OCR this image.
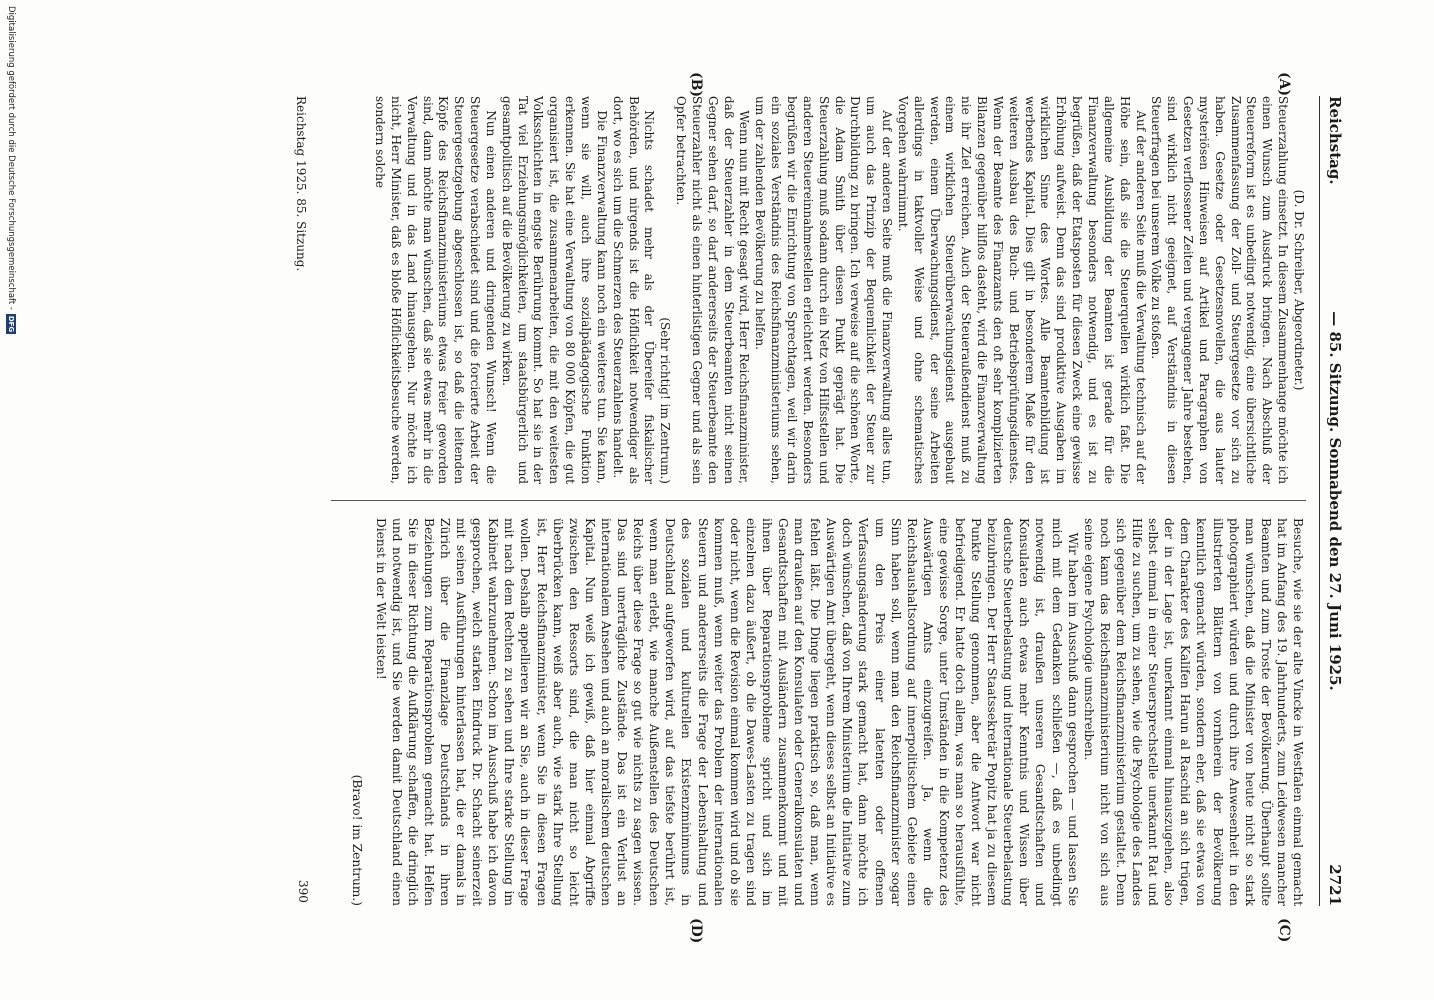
Reichstag.
— 85. Sitzung. Sonnabend den 27. Juni 1925.
2721
(A)
(B)
(C)
(D)

(D. Dr. Schreiber, Abgeordneter.)

Steuerzahlung einsetzt. In diesem Zusammenhange möchte ich einen Wunsch zum Ausdruck bringen. Nach Abschluß der Steuerreform ist es unbedingt notwendig, eine übersichtliche Zusammenfassung der Zoll- und Steuergesetze vor sich zu haben. Gesetze oder Gesetzesnovellen, die aus lauter mysteriösen Hinweisen auf Artikel und Paragraphen von Gesetzen verflossener Zeiten und vergangener Jahre bestehen, sind wirklich nicht geeignet, auf Verständnis in diesen Steuerfragen bei unserem Volke zu stoßen.

Auf der anderen Seite muß die Verwaltung technisch auf der Höhe sein, daß sie die Steuerquellen wirklich faßt. Die allgemeine Ausbildung der Beamten ist gerade für die Finanzverwaltung besonders notwendig, und es ist zu begrüßen, daß der Etatsposten für diesen Zweck eine gewisse Erhöhung aufweist. Denn das sind produktive Ausgaben im wirklichen Sinne des Wortes. Alle Beamtenbildung ist werbendes Kapital. Dies gilt in besonderem Maße für den weiteren Ausbau des Buch- und Betriebsprüfungsdienstes. Wenn der Beamte des Finanzamts den oft sehr komplizierten Bilanzen gegenüber hilflos dasteht, wird die Finanzverwaltung nie ihr Ziel erreichen. Auch der Steueraußendienst muß zu einem wirklichen Steuerüberwachungsdienst ausgebaut werden, einem Überwachungsdienst, der seine Arbeiten allerdings in taktvoller Weise und ohne schematisches Vorgehen wahrnimmt.

Auf der anderen Seite muß die Finanzverwaltung alles tun, um auch das Prinzip der Bequemlichkeit der Steuer zur Durchbildung zu bringen. Ich verweise auf die schönen Worte, die Adam Smith über diesen Punkt geprägt hat. Die Steuerzahlung muß sodann durch ein Netz von Hilfsstellen und anderen Steuereinnahmestellen erleichtert werden. Besonders begrüßen wir die Einrichtung von Sprechtagen, weil wir darin ein soziales Verständnis des Reichsfinanzministeriums sehen, um der zahlenden Bevölkerung zu helfen.

Wenn nun mit Recht gesagt wird, Herr Reichsfinanzminister, daß der Steuerzahler in dem Steuerbeamten nicht seinen Gegner sehen darf, so darf andererseits der Steuerbeamte den Steuerzahler nicht als einen hinterlistigen Gegner und als sein Opfer betrachten.

(Sehr richtig! im Zentrum.)

Nichts schadet mehr als der Übereifer fiskalischer Behörden, und nirgends ist die Höflichkeit notwendiger als dort, wo es sich um die Schmerzen des Steuerzahlens handelt.

Die Finanzverwaltung kann noch ein weiteres tun. Sie kann, wenn sie will, auch ihre sozialpädagogische Funktion erkennen. Sie hat eine Verwaltung von 80 000 Köpfen, die gut organisiert ist, die zusammenarbeiten, die mit den weitesten Volksschichten in engste Berührung kommt. So hat sie in der Tat viel Erziehungsmöglichkeiten, um staatsbürgerlich und gesamtpolitisch auf die Bevölkerung zu wirken.

Nun einen anderen und dringenden Wunsch! Wenn die Steuergesetze verabschiedet sind und die forcierte Arbeit der Steuergesetzgebung abgeschlossen ist, so daß die leitenden Köpfe des Reichsfinanzministeriums etwas freier geworden sind, dann möchte man wünschen, daß sie etwas mehr in die Verwaltung und in das Land hinausgehen. Nur möchte ich nicht, Herr Minister, daß es bloße Höflichkeitsbesuche werden, sondern solche

Besuche, wie sie der alte Vincke in Westfalen einmal gemacht hat im Anfang des 19. Jahrhunderts, zum Leidwesen mancher Beamten und zum Troste der Bevölkerung. Überhaupt sollte man wünschen, daß die Minister von heute nicht so stark photographiert würden und durch ihre Anwesenheit in den illustrierten Blättern von vornherein der Bevölkerung kenntlich gemacht würden, sondern eher, daß sie etwas von dem Charakter des Kalifen Harun al Raschid an sich trügen, der in der Lage ist, unerkannt einmal hinauszugehen, also selbst einmal in einer Steuersprechstelle unerkannt Rat und Hilfe zu suchen, um zu sehen, wie die Psychologie des Landes sich gegenüber dem Reichsfinanzministerium gestaltet. Denn noch kann das Reichsfinanzministerium nicht von sich aus seine eigene Psychologie umschreiben.

Wir haben im Ausschuß dann gesprochen — und lassen Sie mich mit dem Gedanken schließen —, daß es unbedingt notwendig ist, draußen unseren Gesandtschaften und Konsulaten auch etwas mehr Kenntnis und Wissen über deutsche Steuerbelastung und internationale Steuerbelastung beizubringen. Der Herr Staatssekretär Popitz hat ja zu diesem Punkte Stellung genommen, aber die Antwort war nicht befriedigend. Er hatte doch allem, was man so herausfühlte, eine gewisse Sorge, unter Umständen in die Kompetenz des Auswärtigen Amts einzugreifen. Ja, wenn die Reichshaushaltsordnung auf innerpolitischem Gebiete einen Sinn haben soll, wenn man den Reichsfinanzminister sogar um den Preis einer latenten oder offenen Verfassungsänderung stark gemacht hat, dann möchte ich doch wünschen, daß von Ihrem Ministerium die Initiative zum Auswärtigen Amt übergeht, wenn dieses selbst an Initiative es fehlen läßt. Die Dinge liegen praktisch so, daß man, wenn man draußen auf den Konsulaten oder Generalkonsulaten und Gesandtschaften mit Ausländern zusammenkommt und mit ihnen über Reparationsprobleme spricht und sich im einzelnen dazu äußert, ob die Dawes-Lasten zu tragen sind oder nicht, wenn die Revision einmal kommen wird und ob sie kommen muß, wenn weiter das Problem der internationalen Steuern und andererseits die Frage der Lebenshaltung und des sozialen und kulturellen Existenzminimums in Deutschland aufgeworfen wird, auf das tiefste berührt ist, wenn man erlebt, wie manche Außenstellen des Deutschen Reichs über diese Frage so gut wie nichts zu sagen wissen. Das sind unerträgliche Zustände. Das ist ein Verlust an internationalem Ansehen und auch an moralischem deutschen Kapital. Nun weiß ich gewiß, daß hier einmal Abgriffe zwischen den Ressorts sind, die man nicht so leicht überbrücken kann, weiß aber auch, wie stark Ihre Stellung ist, Herr Reichsfinanzminister, wenn Sie in diesen Fragen wollen. Deshalb appellieren wir an Sie, auch in dieser Frage mit nach dem Rechten zu sehen und Ihre starke Stellung im Kabinett wahrzunehmen. Schon im Ausschuß habe ich davon gesprochen, welch starken Eindruck Dr. Schacht seinerzeit mit seinen Ausführungen hinterlassen hat, die er damals in Zürich über die Finanzlage Deutschlands in ihren Beziehungen zum Reparationsproblem gemacht hat. Helfen Sie in dieser Richtung die Aufklärung schaffen, die dringlich und notwendig ist, und Sie werden damit Deutschland einen Dienst in der Welt leisten!

(Bravo! im Zentrum.)

Reichstag 1925. 85. Sitzung.
390
Digitalisierung gefördert durch die Deutsche Forschungsgemeinschaft -
DFG
